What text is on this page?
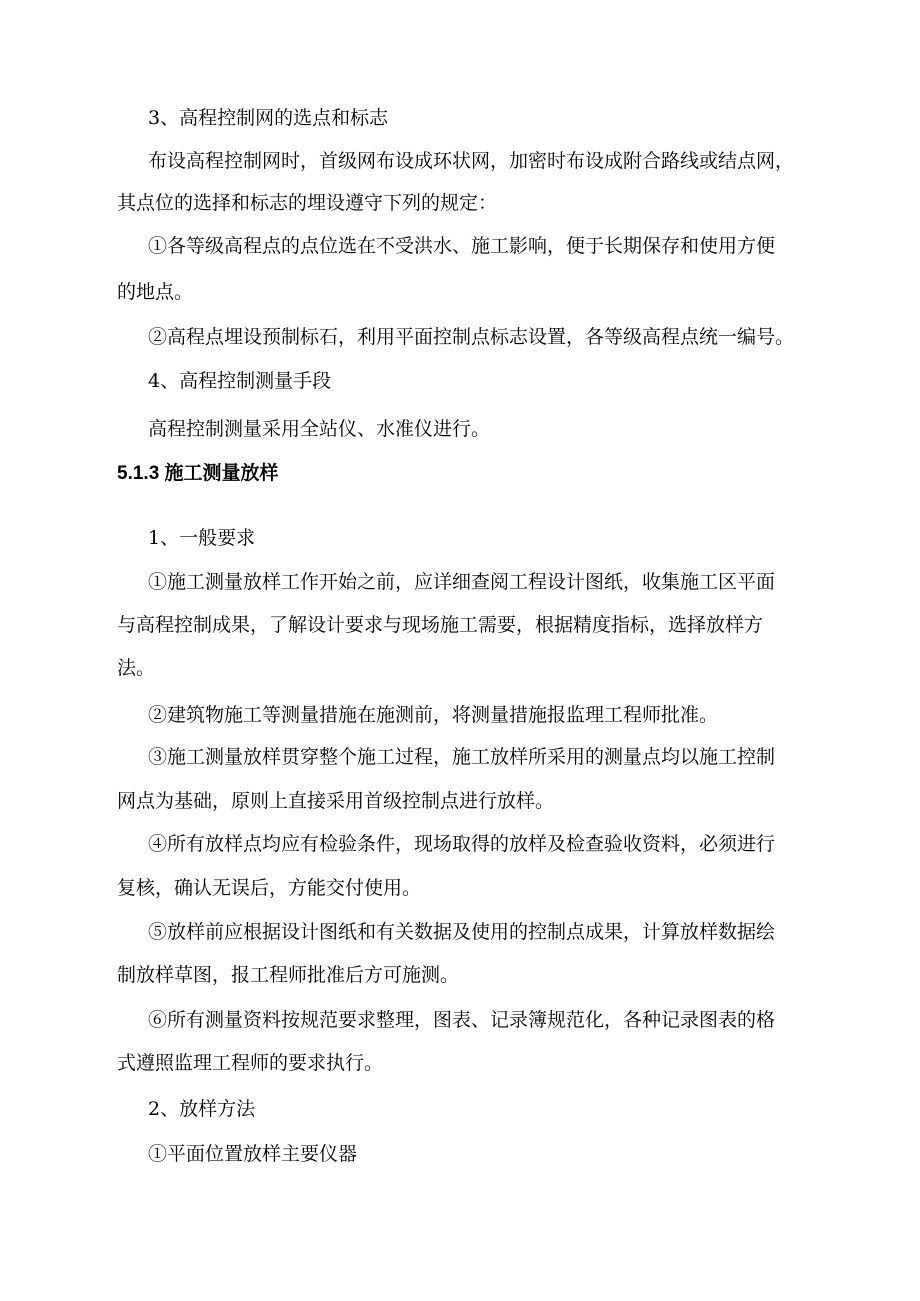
3、高程控制网的选点和标志
布设高程控制网时，首级网布设成环状网，加密时布设成附合路线或结点网，
其点位的选择和标志的埋设遵守下列的规定：
①各等级高程点的点位选在不受洪水、施工影响，便于长期保存和使用方便
的地点。
②高程点埋设预制标石，利用平面控制点标志设置，各等级高程点统一编号。
4、高程控制测量手段
高程控制测量采用全站仪、水准仪进行。
5.1.3 施工测量放样
1、一般要求
①施工测量放样工作开始之前，应详细查阅工程设计图纸，收集施工区平面
与高程控制成果，了解设计要求与现场施工需要，根据精度指标，选择放样方
法。
②建筑物施工等测量措施在施测前，将测量措施报监理工程师批准。
③施工测量放样贯穿整个施工过程，施工放样所采用的测量点均以施工控制
网点为基础，原则上直接采用首级控制点进行放样。
④所有放样点均应有检验条件，现场取得的放样及检查验收资料，必须进行
复核，确认无误后，方能交付使用。
⑤放样前应根据设计图纸和有关数据及使用的控制点成果，计算放样数据绘
制放样草图，报工程师批准后方可施测。
⑥所有测量资料按规范要求整理，图表、记录簿规范化，各种记录图表的格
式遵照监理工程师的要求执行。
2、放样方法
①平面位置放样主要仪器
